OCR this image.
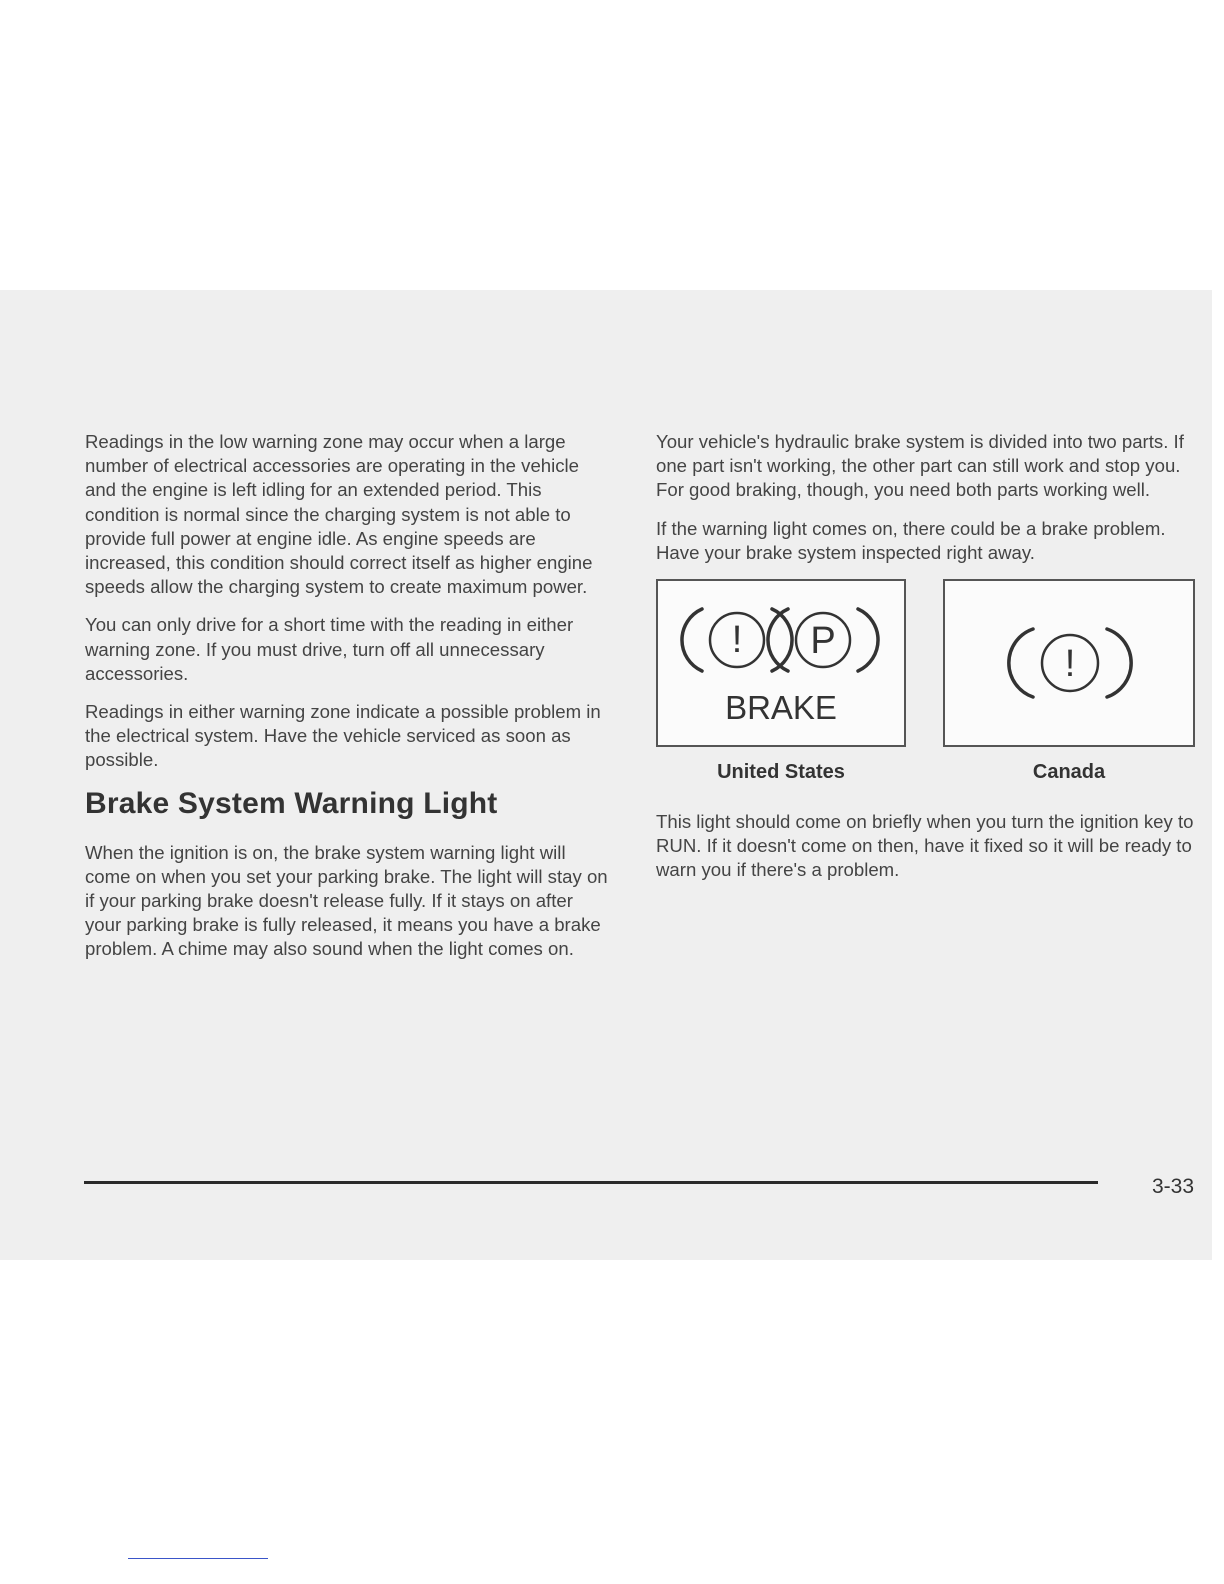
Readings in the low warning zone may occur when a large number of electrical accessories are operating in the vehicle and the engine is left idling for an extended period. This condition is normal since the charging system is not able to provide full power at engine idle. As engine speeds are increased, this condition should correct itself as higher engine speeds allow the charging system to create maximum power.

You can only drive for a short time with the reading in either warning zone. If you must drive, turn off all unnecessary accessories.

Readings in either warning zone indicate a possible problem in the electrical system. Have the vehicle serviced as soon as possible.

Brake System Warning Light

When the ignition is on, the brake system warning light will come on when you set your parking brake. The light will stay on if your parking brake doesn't release fully. If it stays on after your parking brake is fully released, it means you have a brake problem. A chime may also sound when the light comes on.

Your vehicle's hydraulic brake system is divided into two parts. If one part isn't working, the other part can still work and stop you. For good braking, though, you need both parts working well.

If the warning light comes on, there could be a brake problem. Have your brake system inspected right away.

! P
BRAKE
!
United States	Canada

This light should come on briefly when you turn the ignition key to RUN. If it doesn't come on then, have it fixed so it will be ready to warn you if there's a problem.

3-33
